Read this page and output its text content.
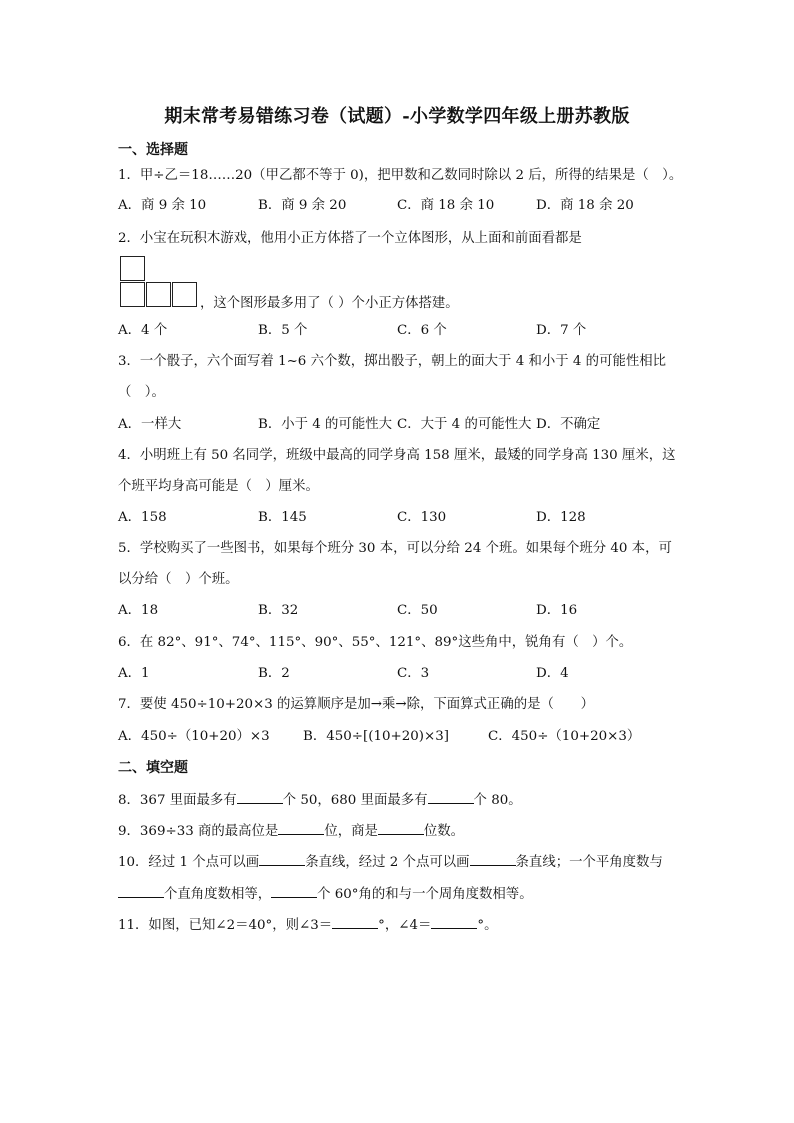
期末常考易错练习卷（试题）-小学数学四年级上册苏教版
一、选择题
1．甲÷乙＝18……20（甲乙都不等于 0)，把甲数和乙数同时除以 2 后，所得的结果是（　）。
A．商 9 余 10	B．商 9 余 20	C．商 18 余 10	D．商 18 余 20
2．小宝在玩积木游戏，他用小正方体搭了一个立体图形，从上面和前面看都是
，这个图形最多用了（ ）个小正方体搭建。
A．4 个	B．5 个	C．6 个	D．7 个
3．一个骰子，六个面写着 1~6 六个数，掷出骰子，朝上的面大于 4 和小于 4 的可能性相比
（　）。
A．一样大	B．小于 4 的可能性大 C．大于 4 的可能性大 D．不确定
4．小明班上有 50 名同学，班级中最高的同学身高 158 厘米，最矮的同学身高 130 厘米，这
个班平均身高可能是（　）厘米。
A．158	B．145	C．130	D．128
5．学校购买了一些图书，如果每个班分 30 本，可以分给 24 个班。如果每个班分 40 本，可
以分给（　）个班。
A．18	B．32	C．50	D．16
6．在 82°、91°、74°、115°、90°、55°、121°、89°这些角中，锐角有（　）个。
A．1	B．2	C．3	D．4
7．要使 450÷10+20×3 的运算顺序是加→乘→除，下面算式正确的是（　　）
A．450÷（10+20）×3 B．450÷[(10+20)×3]	C．450÷（10+20×3）
二、填空题
8．367 里面最多有	个 50，680 里面最多有	个 80。
9．369÷33 商的最高位是	位，商是	位数。
10．经过 1 个点可以画	条直线，经过 2 个点可以画	条直线；一个平角度数与
个直角度数相等，	个 60°角的和与一个周角度数相等。
11．如图，已知∠2＝40°，则∠3＝	°，∠4＝	°。
